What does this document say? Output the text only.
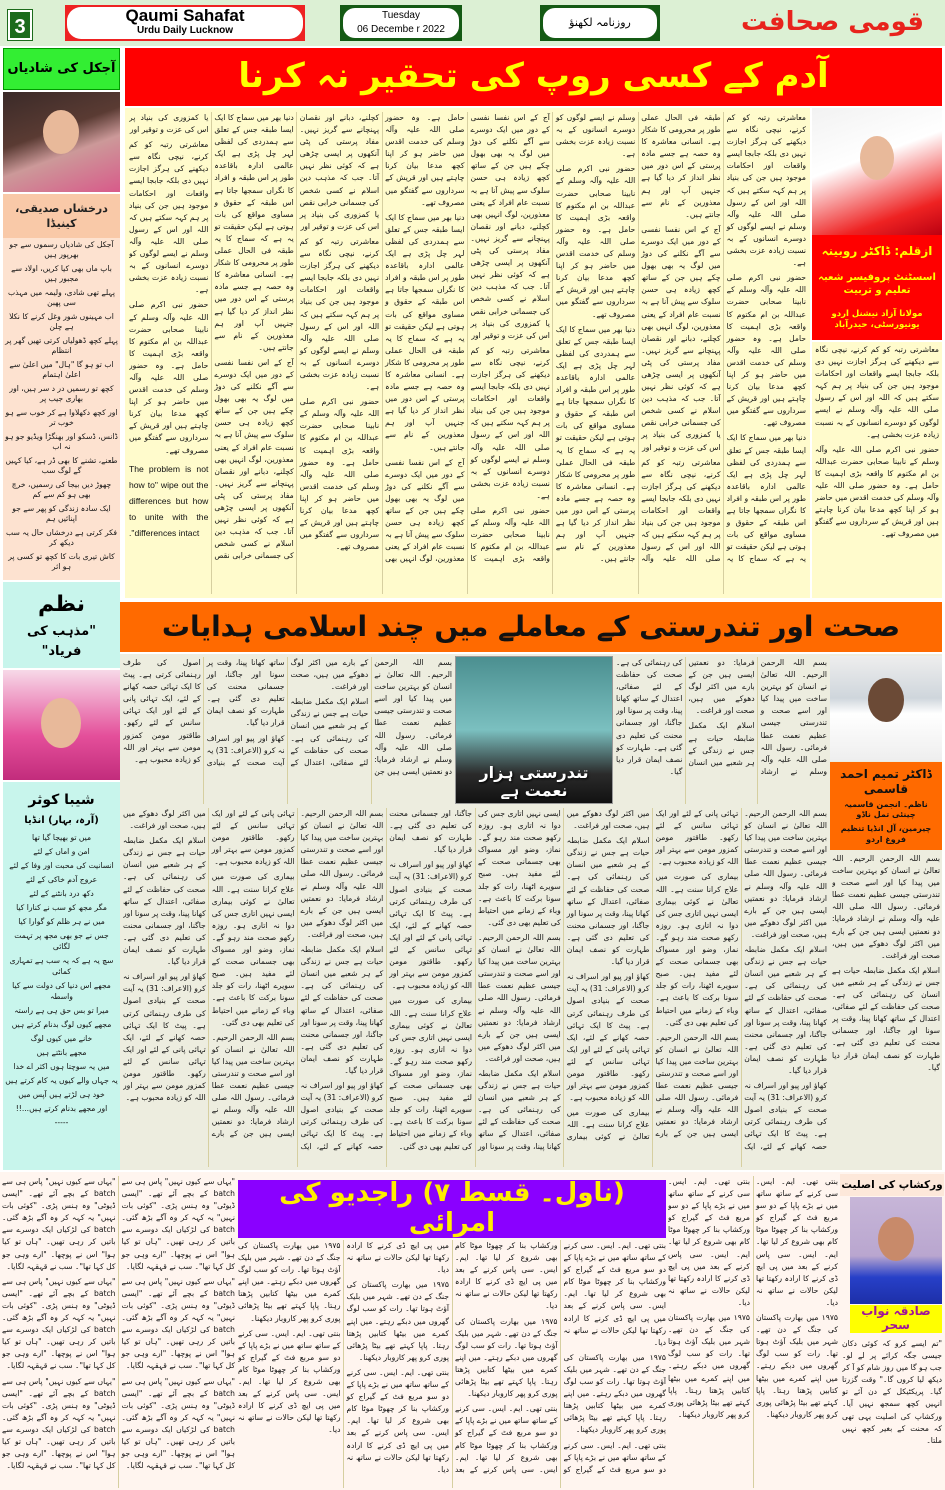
3
Qaumi Sahafat
Urdu Daily Lucknow
Tuesday
06 Decembe r 2022
روزنامہ لکھنؤ	قومی صحافت
آجکل کی شادیاں	آدم کے کسی روپ کی تحقیر نہ کرنا
درخشاں صدیقی، کینیڈا
آجکل کی شادیاں رسموں سے جو بھرپور ہیں
باپ ماں بھی کیا کریں، اولاد سے مجبور ہیں
پہلے تھی شادی، ولیمہ میں مہذب سی پھبن
اب مہینوں شور وغل کرنے کا نکلا ہے چلن
پہلے کچھ ڈھولیاں کرتی تھیں گھر پر انتظام
اب تو ہو گا "ہال" میں اعلیٰ سے اعلیٰ اہتمام
کچھ تو رسمیں در د سر ہیں، اور بھاری جیب پر
اور کچھ دکھلاوا ہے کر خوب سے ہو خوب تر
ڈانس، ڈسکو اور بھنگڑا ویڈیو جو ہو نہ اب
طعنے، تشنے کا بھی ڈر ہے، کیا کہیں گے لوگ سب
چھوڑ دیں بیجا کی رسمیں، خرچ بھی ہو کم سے کم
ایک سادہ زندگی کو پھر سے جو اپنائیں ہم
فکر کرتی ہے درخشاں حال یہ سب دیکھ کر
کاش تیری بات کا کچھ تو کسی پر ہو اثر
نظم
"مذہب کی فریاد"
شیبا کوثر
(آرہ، بہار) انڈیا
میں تو بھیجا گیا تھا
امن و اماں کے لئے
انسانیت کی محبت اور وفا کے لئے
عروج آدم خاکی کے لئے
دکھ درد بانٹنے کے لئے
مگر مجھ کو سب نے کنارا کیا
میں نے ہر ظلم کو گوارا کیا
جس نے جو بھی مجھ پر تہمت لگائی
سچ یہ ہے کہ یہ سب ہے تمہاری کمائی
مجھے اس دنیا کی دولت سے کیا واسطہ
میرا تو بس حق ہی ہے راستہ
مجھے کیوں لوگ بدنام کرتے ہیں
خانے میں کیوں لوگ
مجھے بانٹتے ہیں
میں یہ سوچتا ہوں اکثر اے خدا
یہ جہاں والے کیوں یہ کام کرتے ہیں
خود ہی لڑتے ہیں آپس میں
اور مجھے بدنام کرتے ہیں...!!
-----

معاشرتی رتبہ کو کم کرنے، نیچی نگاہ سے دیکھنے کی ہرگز اجازت نہیں دی بلکہ جابجا ایسے واقعات اور احکامات موجود ہیں جن کی بنیاد پر ہم کہہ سکتے ہیں کہ اللہ اور اس کے رسول صلی اللہ علیہ وآلہ وسلم نے ایسے لوگوں کو دوسرے انسانوں کے بہ نسبت زیادہ عزت بخشی ہے۔

حضور نبی اکرم صلی اللہ علیہ وآلہ وسلم کے نابینا صحابی حضرت عبداللہ بن ام مکتوم کا واقعہ بڑی اہمیت کا حامل ہے۔ وہ حضور صلی اللہ علیہ وآلہ وسلم کی خدمت اقدس میں حاضر ہو کر اپنا کچھ مدعا بیان کرنا چاہتے ہیں اور قریش کے سرداروں سے گفتگو میں مصروف تھے۔

دنیا بھر میں سماج کا ایک ایسا طبقہ جس کے تعلق سے ہمدردی کی لفظی لہر چل پڑی ہے ایک عالمی ادارہ باقاعدہ طور پر اس طبقہ و افراد کا نگراں سمجھا جاتا ہے اس طبقہ کے حقوق و مساوی مواقع کی بات ہوتی ہے لیکن حقیقت تو یہ ہے کہ سماج کا یہ طبقہ فی الحال عملی طور پر محرومی کا شکار ہے۔ انسانی معاشرہ کا وہ حصہ ہے جسے مادہ پرستی کے اس دور میں نظر انداز کر دیا گیا ہے جنہیں آپ اور ہم معذورین کے نام سے جانتے ہیں۔

آج کے اس نفسا نفسی کے دور میں ایک دوسرے سے آگے نکلنے کی دوڑ میں لوگ یہ بھی بھول چکے ہیں جن کے ساتھ کچھ زیادہ ہی حسن سلوک سے پیش آنا ہے بہ نسبت عام افراد کے یعنی معذورین، لوگ انہیں بھی کچلنے، دبانے اور نقصان پہنچانے سے گریز نہیں۔ مفاد پرستی کی پٹی آنکھوں پر ایسی چڑھی ہے کہ کوئی نظر نہیں آتا۔ جب کہ مذہب دین اسلام نے کسی شخص کی جسمانی خرابی نقص یا کمزوری کی بنیاد پر اس کی عزت و توقیر اور

معاشرتی رتبہ کو کم کرنے، نیچی نگاہ سے دیکھنے کی ہرگز اجازت نہیں دی بلکہ جابجا ایسے واقعات اور احکامات موجود ہیں جن کی بنیاد پر ہم کہہ سکتے ہیں کہ اللہ اور اس کے رسول صلی اللہ علیہ وآلہ وسلم نے ایسے لوگوں کو دوسرے انسانوں کے بہ نسبت زیادہ عزت بخشی ہے۔

حضور نبی اکرم صلی اللہ علیہ وآلہ وسلم کے نابینا صحابی حضرت عبداللہ بن ام مکتوم کا واقعہ بڑی اہمیت کا حامل ہے۔ وہ حضور صلی اللہ علیہ وآلہ وسلم کی خدمت اقدس میں حاضر ہو کر اپنا کچھ مدعا بیان کرنا چاہتے ہیں اور قریش کے سرداروں سے گفتگو میں مصروف تھے۔

دنیا بھر میں سماج کا ایک ایسا طبقہ جس کے تعلق سے ہمدردی کی لفظی لہر چل پڑی ہے ایک عالمی ادارہ باقاعدہ طور پر اس طبقہ و افراد کا نگراں سمجھا جاتا ہے اس طبقہ کے حقوق و مساوی مواقع کی بات ہوتی ہے لیکن حقیقت تو یہ ہے کہ سماج کا یہ طبقہ فی الحال عملی طور پر محرومی کا شکار ہے۔ انسانی معاشرہ کا وہ حصہ ہے جسے مادہ پرستی کے اس دور میں نظر انداز کر دیا گیا ہے جنہیں آپ اور ہم معذورین کے نام سے جانتے ہیں۔

آج کے اس نفسا نفسی کے دور میں ایک دوسرے سے آگے نکلنے کی دوڑ میں لوگ یہ بھی بھول چکے ہیں جن کے ساتھ کچھ زیادہ ہی حسن سلوک سے پیش آنا ہے بہ نسبت عام افراد کے یعنی معذورین، لوگ انہیں بھی کچلنے، دبانے اور نقصان پہنچانے سے گریز نہیں۔ مفاد پرستی کی پٹی آنکھوں پر ایسی چڑھی ہے کہ کوئی نظر نہیں آتا۔ جب کہ مذہب دین اسلام نے کسی شخص کی جسمانی خرابی نقص یا کمزوری کی بنیاد پر اس کی عزت و توقیر اور

معاشرتی رتبہ کو کم کرنے، نیچی نگاہ سے دیکھنے کی ہرگز اجازت نہیں دی بلکہ جابجا ایسے واقعات اور احکامات موجود ہیں جن کی بنیاد پر ہم کہہ سکتے ہیں کہ اللہ اور اس کے رسول صلی اللہ علیہ وآلہ وسلم نے ایسے لوگوں کو دوسرے انسانوں کے بہ نسبت زیادہ عزت بخشی ہے۔

حضور نبی اکرم صلی اللہ علیہ وآلہ وسلم کے نابینا صحابی حضرت عبداللہ بن ام مکتوم کا واقعہ بڑی اہمیت کا حامل ہے۔ وہ حضور صلی اللہ علیہ وآلہ وسلم کی خدمت اقدس میں حاضر ہو کر اپنا کچھ مدعا بیان کرنا چاہتے ہیں اور قریش کے سرداروں سے گفتگو میں مصروف تھے۔

دنیا بھر میں سماج کا ایک ایسا طبقہ جس کے تعلق سے ہمدردی کی لفظی لہر چل پڑی ہے ایک عالمی ادارہ باقاعدہ طور پر اس طبقہ و افراد کا نگراں سمجھا جاتا ہے اس طبقہ کے حقوق و مساوی مواقع کی بات ہوتی ہے لیکن حقیقت تو یہ ہے کہ سماج کا یہ طبقہ فی الحال عملی طور پر محرومی کا شکار ہے۔ انسانی معاشرہ کا وہ حصہ ہے جسے مادہ پرستی کے اس دور میں نظر انداز کر دیا گیا ہے جنہیں آپ اور ہم معذورین کے نام سے جانتے ہیں۔

آج کے اس نفسا نفسی کے دور میں ایک دوسرے سے آگے نکلنے کی دوڑ میں لوگ یہ بھی بھول چکے ہیں جن کے ساتھ کچھ زیادہ ہی حسن سلوک سے پیش آنا ہے بہ نسبت عام افراد کے یعنی معذورین، لوگ انہیں بھی کچلنے، دبانے اور نقصان پہنچانے سے گریز نہیں۔ مفاد پرستی کی پٹی آنکھوں پر ایسی چڑھی ہے کہ کوئی نظر نہیں آتا۔ جب کہ مذہب دین اسلام نے کسی شخص کی جسمانی خرابی نقص یا کمزوری کی بنیاد پر اس کی عزت و توقیر اور

معاشرتی رتبہ کو کم کرنے، نیچی نگاہ سے دیکھنے کی ہرگز اجازت نہیں دی بلکہ جابجا ایسے واقعات اور احکامات موجود ہیں جن کی بنیاد پر ہم کہہ سکتے ہیں کہ اللہ اور اس کے رسول صلی اللہ علیہ وآلہ وسلم نے ایسے لوگوں کو دوسرے انسانوں کے بہ نسبت زیادہ عزت بخشی ہے۔

حضور نبی اکرم صلی اللہ علیہ وآلہ وسلم کے نابینا صحابی حضرت عبداللہ بن ام مکتوم کا واقعہ بڑی اہمیت کا حامل ہے۔ وہ حضور صلی اللہ علیہ وآلہ وسلم کی خدمت اقدس میں حاضر ہو کر اپنا کچھ مدعا بیان کرنا چاہتے ہیں اور قریش کے سرداروں سے گفتگو میں مصروف تھے۔

دنیا بھر میں سماج کا ایک ایسا طبقہ جس کے تعلق سے ہمدردی کی لفظی لہر چل پڑی ہے ایک عالمی ادارہ باقاعدہ طور پر اس طبقہ و افراد کا نگراں سمجھا جاتا ہے اس طبقہ کے حقوق و مساوی مواقع کی بات ہوتی ہے لیکن حقیقت تو یہ ہے کہ سماج کا یہ طبقہ فی الحال عملی طور پر محرومی کا شکار ہے۔ انسانی معاشرہ کا وہ حصہ ہے جسے مادہ پرستی کے اس دور میں نظر انداز کر دیا گیا ہے جنہیں آپ اور ہم معذورین کے نام سے جانتے ہیں۔

آج کے اس نفسا نفسی کے دور میں ایک دوسرے سے آگے نکلنے کی دوڑ میں لوگ یہ بھی بھول چکے ہیں جن کے ساتھ کچھ زیادہ ہی حسن سلوک سے پیش آنا ہے بہ نسبت عام افراد کے یعنی معذورین، لوگ انہیں بھی کچلنے، دبانے اور نقصان پہنچانے سے گریز نہیں۔ مفاد پرستی کی پٹی آنکھوں پر ایسی چڑھی ہے کہ کوئی نظر نہیں آتا۔ جب کہ مذہب دین اسلام نے کسی شخص کی جسمانی خرابی نقص یا کمزوری کی بنیاد پر اس کی عزت و توقیر اور

معاشرتی رتبہ کو کم کرنے، نیچی نگاہ سے دیکھنے کی ہرگز اجازت نہیں دی بلکہ جابجا ایسے واقعات اور احکامات موجود ہیں جن کی بنیاد پر ہم کہہ سکتے ہیں کہ اللہ اور اس کے رسول صلی اللہ علیہ وآلہ وسلم نے ایسے لوگوں کو دوسرے انسانوں کے بہ نسبت زیادہ عزت بخشی ہے۔

حضور نبی اکرم صلی اللہ علیہ وآلہ وسلم کے نابینا صحابی حضرت عبداللہ بن ام مکتوم کا واقعہ بڑی اہمیت کا حامل ہے۔ وہ حضور صلی اللہ علیہ وآلہ وسلم کی خدمت اقدس میں حاضر ہو کر اپنا کچھ مدعا بیان کرنا چاہتے ہیں اور قریش کے سرداروں سے گفتگو میں مصروف تھے۔

The problem is not how to" wipe out the differences but how to unite with the ."differences intact
ازقلم: ڈاکٹر روبینہ
اسسٹنٹ پروفیسر شعبہ تعلیم و تربیت
مولانا آزاد نیشنل اردو یونیورسٹی، حیدرآباد

معاشرتی رتبہ کو کم کرنے، نیچی نگاہ سے دیکھنے کی ہرگز اجازت نہیں دی بلکہ جابجا ایسے واقعات اور احکامات موجود ہیں جن کی بنیاد پر ہم کہہ سکتے ہیں کہ اللہ اور اس کے رسول صلی اللہ علیہ وآلہ وسلم نے ایسے لوگوں کو دوسرے انسانوں کے بہ نسبت زیادہ عزت بخشی ہے۔

حضور نبی اکرم صلی اللہ علیہ وآلہ وسلم کے نابینا صحابی حضرت عبداللہ بن ام مکتوم کا واقعہ بڑی اہمیت کا حامل ہے۔ وہ حضور صلی اللہ علیہ وآلہ وسلم کی خدمت اقدس میں حاضر ہو کر اپنا کچھ مدعا بیان کرنا چاہتے ہیں اور قریش کے سرداروں سے گفتگو میں مصروف تھے۔

صحت اور تندرستی کے معاملے میں چند اسلامی ہدایات

بسم اللہ الرحمن الرحیم۔ اللہ تعالیٰ نے انسان کو بہترین ساخت میں پیدا کیا اور اسے صحت و تندرستی جیسی عظیم نعمت عطا فرمائی۔ رسول اللہ صلی اللہ علیہ وآلہ وسلم نے ارشاد فرمایا: دو نعمتیں ایسی ہیں جن کے بارے میں اکثر لوگ دھوکے میں ہیں، صحت اور فراغت۔

اسلام ایک مکمل ضابطہ حیات ہے جس نے زندگی کے ہر شعبے میں انسان کی رہنمائی کی ہے۔ صحت کی حفاظت کے لئے صفائی، اعتدال کے ساتھ کھانا پینا، وقت پر سونا اور جاگنا، اور جسمانی محنت کی تعلیم دی گئی ہے۔ طہارت کو نصف ایمان قرار دیا گیا۔

کھاؤ اور پیو اور اسراف نہ کرو (الاعراف: 31) یہ آیت صحت کے بنیادی اصول کی طرف رہنمائی کرتی ہے۔ پیٹ کا ایک تہائی حصہ کھانے کے لئے، ایک تہائی پانی کے لئے اور ایک تہائی سانس کے لئے رکھو۔ طاقتور مومن کمزور مومن سے بہتر اور اللہ کو زیادہ محبوب ہے۔

بسم اللہ الرحمن الرحیم۔ اللہ تعالیٰ نے انسان کو بہترین ساخت میں پیدا کیا اور اسے صحت و تندرستی جیسی عظیم نعمت عطا فرمائی۔ رسول اللہ صلی اللہ علیہ وآلہ وسلم نے ارشاد فرمایا: دو نعمتیں ایسی ہیں جن کے بارے میں اکثر لوگ دھوکے میں ہیں، صحت اور فراغت۔

اسلام ایک مکمل ضابطہ حیات ہے جس نے زندگی کے ہر شعبے میں انسان کی رہنمائی کی ہے۔ صحت کی حفاظت کے لئے صفائی، اعتدال کے ساتھ کھانا پینا، وقت پر سونا اور جاگنا، اور جسمانی محنت کی تعلیم دی گئی ہے۔ طہارت کو نصف ایمان قرار دیا گیا۔

بسم اللہ الرحمن الرحیم۔ اللہ تعالیٰ نے انسان کو بہترین ساخت میں پیدا کیا اور اسے صحت و تندرستی جیسی عظیم نعمت عطا فرمائی۔ رسول اللہ صلی اللہ علیہ وآلہ وسلم نے ارشاد فرمایا: دو نعمتیں ایسی ہیں جن کے بارے میں اکثر لوگ دھوکے میں ہیں، صحت اور فراغت۔

اسلام ایک مکمل ضابطہ حیات ہے جس نے زندگی کے ہر شعبے میں انسان کی رہنمائی کی ہے۔ صحت کی حفاظت کے لئے صفائی، اعتدال کے ساتھ کھانا پینا، وقت پر سونا اور جاگنا، اور جسمانی محنت کی تعلیم دی گئی ہے۔ طہارت کو نصف ایمان قرار دیا گیا۔

کھاؤ اور پیو اور اسراف نہ کرو (الاعراف: 31) یہ آیت صحت کے بنیادی اصول کی طرف رہنمائی کرتی ہے۔ پیٹ کا ایک تہائی حصہ کھانے کے لئے، ایک تہائی پانی کے لئے اور ایک تہائی سانس کے لئے رکھو۔ طاقتور مومن کمزور مومن سے بہتر اور اللہ کو زیادہ محبوب ہے۔

بیماری کی صورت میں علاج کرانا سنت ہے۔ اللہ تعالیٰ نے کوئی بیماری ایسی نہیں اتاری جس کی دوا نہ اتاری ہو۔ روزہ رکھو صحت مند رہو گے۔ نماز، وضو اور مسواک بھی جسمانی صحت کے لئے مفید ہیں۔ صبح سویرے اٹھنا، رات کو جلد سونا برکت کا باعث ہے۔ وباء کے زمانے میں احتیاط کی تعلیم بھی دی گئی۔

بسم اللہ الرحمن الرحیم۔ اللہ تعالیٰ نے انسان کو بہترین ساخت میں پیدا کیا اور اسے صحت و تندرستی جیسی عظیم نعمت عطا فرمائی۔ رسول اللہ صلی اللہ علیہ وآلہ وسلم نے ارشاد فرمایا: دو نعمتیں ایسی ہیں جن کے بارے میں اکثر لوگ دھوکے میں ہیں، صحت اور فراغت۔

اسلام ایک مکمل ضابطہ حیات ہے جس نے زندگی کے ہر شعبے میں انسان کی رہنمائی کی ہے۔ صحت کی حفاظت کے لئے صفائی، اعتدال کے ساتھ کھانا پینا، وقت پر سونا اور جاگنا، اور جسمانی محنت کی تعلیم دی گئی ہے۔ طہارت کو نصف ایمان قرار دیا گیا۔

کھاؤ اور پیو اور اسراف نہ کرو (الاعراف: 31) یہ آیت صحت کے بنیادی اصول کی طرف رہنمائی کرتی ہے۔ پیٹ کا ایک تہائی حصہ کھانے کے لئے، ایک تہائی پانی کے لئے اور ایک تہائی سانس کے لئے رکھو۔ طاقتور مومن کمزور مومن سے بہتر اور اللہ کو زیادہ محبوب ہے۔

بیماری کی صورت میں علاج کرانا سنت ہے۔ اللہ تعالیٰ نے کوئی بیماری ایسی نہیں اتاری جس کی دوا نہ اتاری ہو۔ روزہ رکھو صحت مند رہو گے۔ نماز، وضو اور مسواک بھی جسمانی صحت کے لئے مفید ہیں۔ صبح سویرے اٹھنا، رات کو جلد سونا برکت کا باعث ہے۔ وباء کے زمانے میں احتیاط کی تعلیم بھی دی گئی۔

بسم اللہ الرحمن الرحیم۔ اللہ تعالیٰ نے انسان کو بہترین ساخت میں پیدا کیا اور اسے صحت و تندرستی جیسی عظیم نعمت عطا فرمائی۔ رسول اللہ صلی اللہ علیہ وآلہ وسلم نے ارشاد فرمایا: دو نعمتیں ایسی ہیں جن کے بارے میں اکثر لوگ دھوکے میں ہیں، صحت اور فراغت۔

اسلام ایک مکمل ضابطہ حیات ہے جس نے زندگی کے ہر شعبے میں انسان کی رہنمائی کی ہے۔ صحت کی حفاظت کے لئے صفائی، اعتدال کے ساتھ کھانا پینا، وقت پر سونا اور جاگنا، اور جسمانی محنت کی تعلیم دی گئی ہے۔ طہارت کو نصف ایمان قرار دیا گیا۔

کھاؤ اور پیو اور اسراف نہ کرو (الاعراف: 31) یہ آیت صحت کے بنیادی اصول کی طرف رہنمائی کرتی ہے۔ پیٹ کا ایک تہائی حصہ کھانے کے لئے، ایک تہائی پانی کے لئے اور ایک تہائی سانس کے لئے رکھو۔ طاقتور مومن کمزور مومن سے بہتر اور اللہ کو زیادہ محبوب ہے۔

بیماری کی صورت میں علاج کرانا سنت ہے۔ اللہ تعالیٰ نے کوئی بیماری ایسی نہیں اتاری جس کی دوا نہ اتاری ہو۔ روزہ رکھو صحت مند رہو گے۔ نماز، وضو اور مسواک بھی جسمانی صحت کے لئے مفید ہیں۔ صبح سویرے اٹھنا، رات کو جلد سونا برکت کا باعث ہے۔ وباء کے زمانے میں احتیاط کی تعلیم بھی دی گئی۔

بسم اللہ الرحمن الرحیم۔ اللہ تعالیٰ نے انسان کو بہترین ساخت میں پیدا کیا اور اسے صحت و تندرستی جیسی عظیم نعمت عطا فرمائی۔ رسول اللہ صلی اللہ علیہ وآلہ وسلم نے ارشاد فرمایا: دو نعمتیں ایسی ہیں جن کے بارے میں اکثر لوگ دھوکے میں ہیں، صحت اور فراغت۔

اسلام ایک مکمل ضابطہ حیات ہے جس نے زندگی کے ہر شعبے میں انسان کی رہنمائی کی ہے۔ صحت کی حفاظت کے لئے صفائی، اعتدال کے ساتھ کھانا پینا، وقت پر سونا اور جاگنا، اور جسمانی محنت کی تعلیم دی گئی ہے۔ طہارت کو نصف ایمان قرار دیا گیا۔

کھاؤ اور پیو اور اسراف نہ کرو (الاعراف: 31) یہ آیت صحت کے بنیادی اصول کی طرف رہنمائی کرتی ہے۔ پیٹ کا ایک تہائی حصہ کھانے کے لئے، ایک تہائی پانی کے لئے اور ایک تہائی سانس کے لئے رکھو۔ طاقتور مومن کمزور مومن سے بہتر اور اللہ کو زیادہ محبوب ہے۔

بیماری کی صورت میں علاج کرانا سنت ہے۔ اللہ تعالیٰ نے کوئی بیماری ایسی نہیں اتاری جس کی دوا نہ اتاری ہو۔ روزہ رکھو صحت مند رہو گے۔ نماز، وضو اور مسواک بھی جسمانی صحت کے لئے مفید ہیں۔ صبح سویرے اٹھنا، رات کو جلد سونا برکت کا باعث ہے۔ وباء کے زمانے میں احتیاط کی تعلیم بھی دی گئی۔

بسم اللہ الرحمن الرحیم۔ اللہ تعالیٰ نے انسان کو بہترین ساخت میں پیدا کیا اور اسے صحت و تندرستی جیسی عظیم نعمت عطا فرمائی۔ رسول اللہ صلی اللہ علیہ وآلہ وسلم نے ارشاد فرمایا: دو نعمتیں ایسی ہیں جن کے بارے میں اکثر لوگ دھوکے میں ہیں، صحت اور فراغت۔

اسلام ایک مکمل ضابطہ حیات ہے جس نے زندگی کے ہر شعبے میں انسان کی رہنمائی کی ہے۔ صحت کی حفاظت کے لئے صفائی، اعتدال کے ساتھ کھانا پینا، وقت پر سونا اور جاگنا، اور جسمانی محنت کی تعلیم دی گئی ہے۔ طہارت کو نصف ایمان قرار دیا گیا۔

کھاؤ اور پیو اور اسراف نہ کرو (الاعراف: 31) یہ آیت صحت کے بنیادی اصول کی طرف رہنمائی کرتی ہے۔ پیٹ کا ایک تہائی حصہ کھانے کے لئے، ایک تہائی پانی کے لئے اور ایک تہائی سانس کے لئے رکھو۔ طاقتور مومن کمزور مومن سے بہتر اور اللہ کو زیادہ محبوب ہے۔

بسم اللہ الرحمن الرحیم۔ اللہ تعالیٰ نے انسان کو بہترین ساخت میں پیدا کیا اور اسے صحت و تندرستی جیسی عظیم نعمت عطا فرمائی۔ رسول اللہ صلی اللہ علیہ وآلہ وسلم نے ارشاد فرمایا: دو نعمتیں ایسی ہیں جن کے بارے میں اکثر لوگ دھوکے میں ہیں، صحت اور فراغت۔

اسلام ایک مکمل ضابطہ حیات ہے جس نے زندگی کے ہر شعبے میں انسان کی رہنمائی کی ہے۔ صحت کی حفاظت کے لئے صفائی، اعتدال کے ساتھ کھانا پینا، وقت پر سونا اور جاگنا، اور جسمانی محنت کی تعلیم دی گئی ہے۔ طہارت کو نصف ایمان قرار دیا گیا۔

تندرستی ہزار نعمت ہے
ڈاکٹر تمیم احمد قاسمی
ناظم۔ انجمن قاسمیہ چینئی تمل ناڈو
چیرمین، آل انڈیا تنظیم فروغ اردو

"یہاں سے کیوں نہیں" پاس ہی سے batch کے بچے آئے تھے۔ "ایسی ڈیوٹی" وہ ہنس پڑی۔ "کوئی بات نہیں" یہ کہہ کر وہ آگے بڑھ گئی۔ batch کی لڑکیاں ایک دوسرے سے باتیں کر رہی تھیں۔ "ہاں تو کیا ہوا" اس نے پوچھا۔ "ارے وہی جو کل کہا تھا"۔ سب نے قہقہہ لگایا۔

"یہاں سے کیوں نہیں" پاس ہی سے batch کے بچے آئے تھے۔ "ایسی ڈیوٹی" وہ ہنس پڑی۔ "کوئی بات نہیں" یہ کہہ کر وہ آگے بڑھ گئی۔ batch کی لڑکیاں ایک دوسرے سے باتیں کر رہی تھیں۔ "ہاں تو کیا ہوا" اس نے پوچھا۔ "ارے وہی جو کل کہا تھا"۔ سب نے قہقہہ لگایا۔

"یہاں سے کیوں نہیں" پاس ہی سے batch کے بچے آئے تھے۔ "ایسی ڈیوٹی" وہ ہنس پڑی۔ "کوئی بات نہیں" یہ کہہ کر وہ آگے بڑھ گئی۔ batch کی لڑکیاں ایک دوسرے سے باتیں کر رہی تھیں۔ "ہاں تو کیا ہوا" اس نے پوچھا۔ "ارے وہی جو کل کہا تھا"۔ سب نے قہقہہ لگایا۔

"یہاں سے کیوں نہیں" پاس ہی سے batch کے بچے آئے تھے۔ "ایسی ڈیوٹی" وہ ہنس پڑی۔ "کوئی بات نہیں" یہ کہہ کر وہ آگے بڑھ گئی۔ batch کی لڑکیاں ایک دوسرے سے باتیں کر رہی تھیں۔ "ہاں تو کیا ہوا" اس نے پوچھا۔ "ارے وہی جو کل کہا تھا"۔ سب نے قہقہہ لگایا۔

"یہاں سے کیوں نہیں" پاس ہی سے batch کے بچے آئے تھے۔ "ایسی ڈیوٹی" وہ ہنس پڑی۔ "کوئی بات نہیں" یہ کہہ کر وہ آگے بڑھ گئی۔ batch کی لڑکیاں ایک دوسرے سے باتیں کر رہی تھیں۔ "ہاں تو کیا ہوا" اس نے پوچھا۔ "ارے وہی جو کل کہا تھا"۔ سب نے قہقہہ لگایا۔

"یہاں سے کیوں نہیں" پاس ہی سے batch کے بچے آئے تھے۔ "ایسی ڈیوٹی" وہ ہنس پڑی۔ "کوئی بات نہیں" یہ کہہ کر وہ آگے بڑھ گئی۔ batch کی لڑکیاں ایک دوسرے سے باتیں کر رہی تھیں۔ "ہاں تو کیا ہوا" اس نے پوچھا۔ "ارے وہی جو کل کہا تھا"۔ سب نے قہقہہ لگایا۔

(ناول۔ قسط ۷) راجدیو کی امرائی

بنتی تھی۔ ایم۔ ایس۔ سی کرنے کے ساتھ ساتھ میں نے بڑے پاپا کے دو سو مربع فٹ کے گیراج کو ورکشاپ بنا کر چھوٹا موٹا کام بھی شروع کر لیا تھا۔ ایم۔ ایس۔ سی پاس کرنے کے بعد میں پی ایچ ڈی کرنے کا ارادہ رکھتا تھا لیکن حالات نے ساتھ نہ دیا۔

۱۹۷۵ میں بھارت پاکستان کی جنگ کے دن تھے۔ شہر میں بلیک آؤٹ ہوتا تھا۔ رات کو سب لوگ گھروں میں دبکے رہتے۔ میں اپنے کمرے میں بیٹھا کتابیں پڑھتا رہتا۔ پاپا کہتے تھے بیٹا پڑھائی پوری کرو پھر کاروبار دیکھنا۔

بنتی تھی۔ ایم۔ ایس۔ سی کرنے کے ساتھ ساتھ میں نے بڑے پاپا کے دو سو مربع فٹ کے گیراج کو ورکشاپ بنا کر چھوٹا موٹا کام بھی شروع کر لیا تھا۔ ایم۔ ایس۔ سی پاس کرنے کے بعد میں پی ایچ ڈی کرنے کا ارادہ رکھتا تھا لیکن حالات نے ساتھ نہ دیا۔

۱۹۷۵ میں بھارت پاکستان کی جنگ کے دن تھے۔ شہر میں بلیک آؤٹ ہوتا تھا۔ رات کو سب لوگ گھروں میں دبکے رہتے۔ میں اپنے کمرے میں بیٹھا کتابیں پڑھتا رہتا۔ پاپا کہتے تھے بیٹا پڑھائی پوری کرو پھر کاروبار دیکھنا۔

بنتی تھی۔ ایم۔ ایس۔ سی کرنے کے ساتھ ساتھ میں نے بڑے پاپا کے دو سو مربع فٹ کے گیراج کو ورکشاپ بنا کر چھوٹا موٹا کام بھی شروع کر لیا تھا۔ ایم۔ ایس۔ سی پاس کرنے کے بعد میں پی ایچ ڈی کرنے کا ارادہ رکھتا تھا لیکن حالات نے ساتھ نہ دیا۔

۱۹۷۵ میں بھارت پاکستان کی جنگ کے دن تھے۔ شہر میں بلیک آؤٹ ہوتا تھا۔ رات کو سب لوگ گھروں میں دبکے رہتے۔ میں اپنے کمرے میں بیٹھا کتابیں پڑھتا رہتا۔ پاپا کہتے تھے بیٹا پڑھائی پوری کرو پھر کاروبار دیکھنا۔

بنتی تھی۔ ایم۔ ایس۔ سی کرنے کے ساتھ ساتھ میں نے بڑے پاپا کے دو سو مربع فٹ کے گیراج کو ورکشاپ بنا کر چھوٹا موٹا کام بھی شروع کر لیا تھا۔ ایم۔ ایس۔ سی پاس کرنے کے بعد میں پی ایچ ڈی کرنے کا ارادہ رکھتا تھا لیکن حالات نے ساتھ نہ دیا۔

۱۹۷۵ میں بھارت پاکستان کی جنگ کے دن تھے۔ شہر میں بلیک آؤٹ ہوتا تھا۔ رات کو سب لوگ گھروں میں دبکے رہتے۔ میں اپنے کمرے میں بیٹھا کتابیں پڑھتا رہتا۔ پاپا کہتے تھے بیٹا پڑھائی پوری کرو پھر کاروبار دیکھنا۔

بنتی تھی۔ ایم۔ ایس۔ سی کرنے کے ساتھ ساتھ میں نے بڑے پاپا کے دو سو مربع فٹ کے گیراج کو ورکشاپ بنا کر چھوٹا موٹا کام بھی شروع کر لیا تھا۔ ایم۔ ایس۔ سی پاس کرنے کے بعد میں پی ایچ ڈی کرنے کا ارادہ رکھتا تھا لیکن حالات نے ساتھ نہ دیا۔

بنتی تھی۔ ایم۔ ایس۔ سی کرنے کے ساتھ ساتھ میں نے بڑے پاپا کے دو سو مربع فٹ کے گیراج کو ورکشاپ بنا کر چھوٹا موٹا کام بھی شروع کر لیا تھا۔ ایم۔ ایس۔ سی پاس کرنے کے بعد میں پی ایچ ڈی کرنے کا ارادہ رکھتا تھا لیکن حالات نے ساتھ نہ دیا۔

۱۹۷۵ میں بھارت پاکستان کی جنگ کے دن تھے۔ شہر میں بلیک آؤٹ ہوتا تھا۔ رات کو سب لوگ گھروں میں دبکے رہتے۔ میں اپنے کمرے میں بیٹھا کتابیں پڑھتا رہتا۔ پاپا کہتے تھے بیٹا پڑھائی پوری کرو پھر کاروبار دیکھنا۔

بنتی تھی۔ ایم۔ ایس۔ سی کرنے کے ساتھ ساتھ میں نے بڑے پاپا کے دو سو مربع فٹ کے گیراج کو ورکشاپ بنا کر چھوٹا موٹا کام بھی شروع کر لیا تھا۔ ایم۔ ایس۔ سی پاس کرنے کے بعد میں پی ایچ ڈی کرنے کا ارادہ رکھتا تھا لیکن حالات نے ساتھ نہ دیا۔

۱۹۷۵ میں بھارت پاکستان کی جنگ کے دن تھے۔ شہر میں بلیک آؤٹ ہوتا تھا۔ رات کو سب لوگ گھروں میں دبکے رہتے۔ میں اپنے کمرے میں بیٹھا کتابیں پڑھتا رہتا۔ پاپا کہتے تھے بیٹا پڑھائی پوری کرو پھر کاروبار دیکھنا۔

ورکشاپ کی اصلیت
صادقہ نواب سحر

"تم ایسے کرو کہ کوئی دکان جیسی جگہ کرائے پر لے لو۔ جب ہو گا میں روز شام کو آ کر دیکھ لیا کروں گا۔" وقت گزرتا گیا۔ پریکٹیکل کے دن آئے تو انہیں کچھ سمجھ نہیں آیا۔ ورکشاپ کی اصلیت یہی تھی کہ محنت کے بغیر کچھ نہیں ملتا۔
